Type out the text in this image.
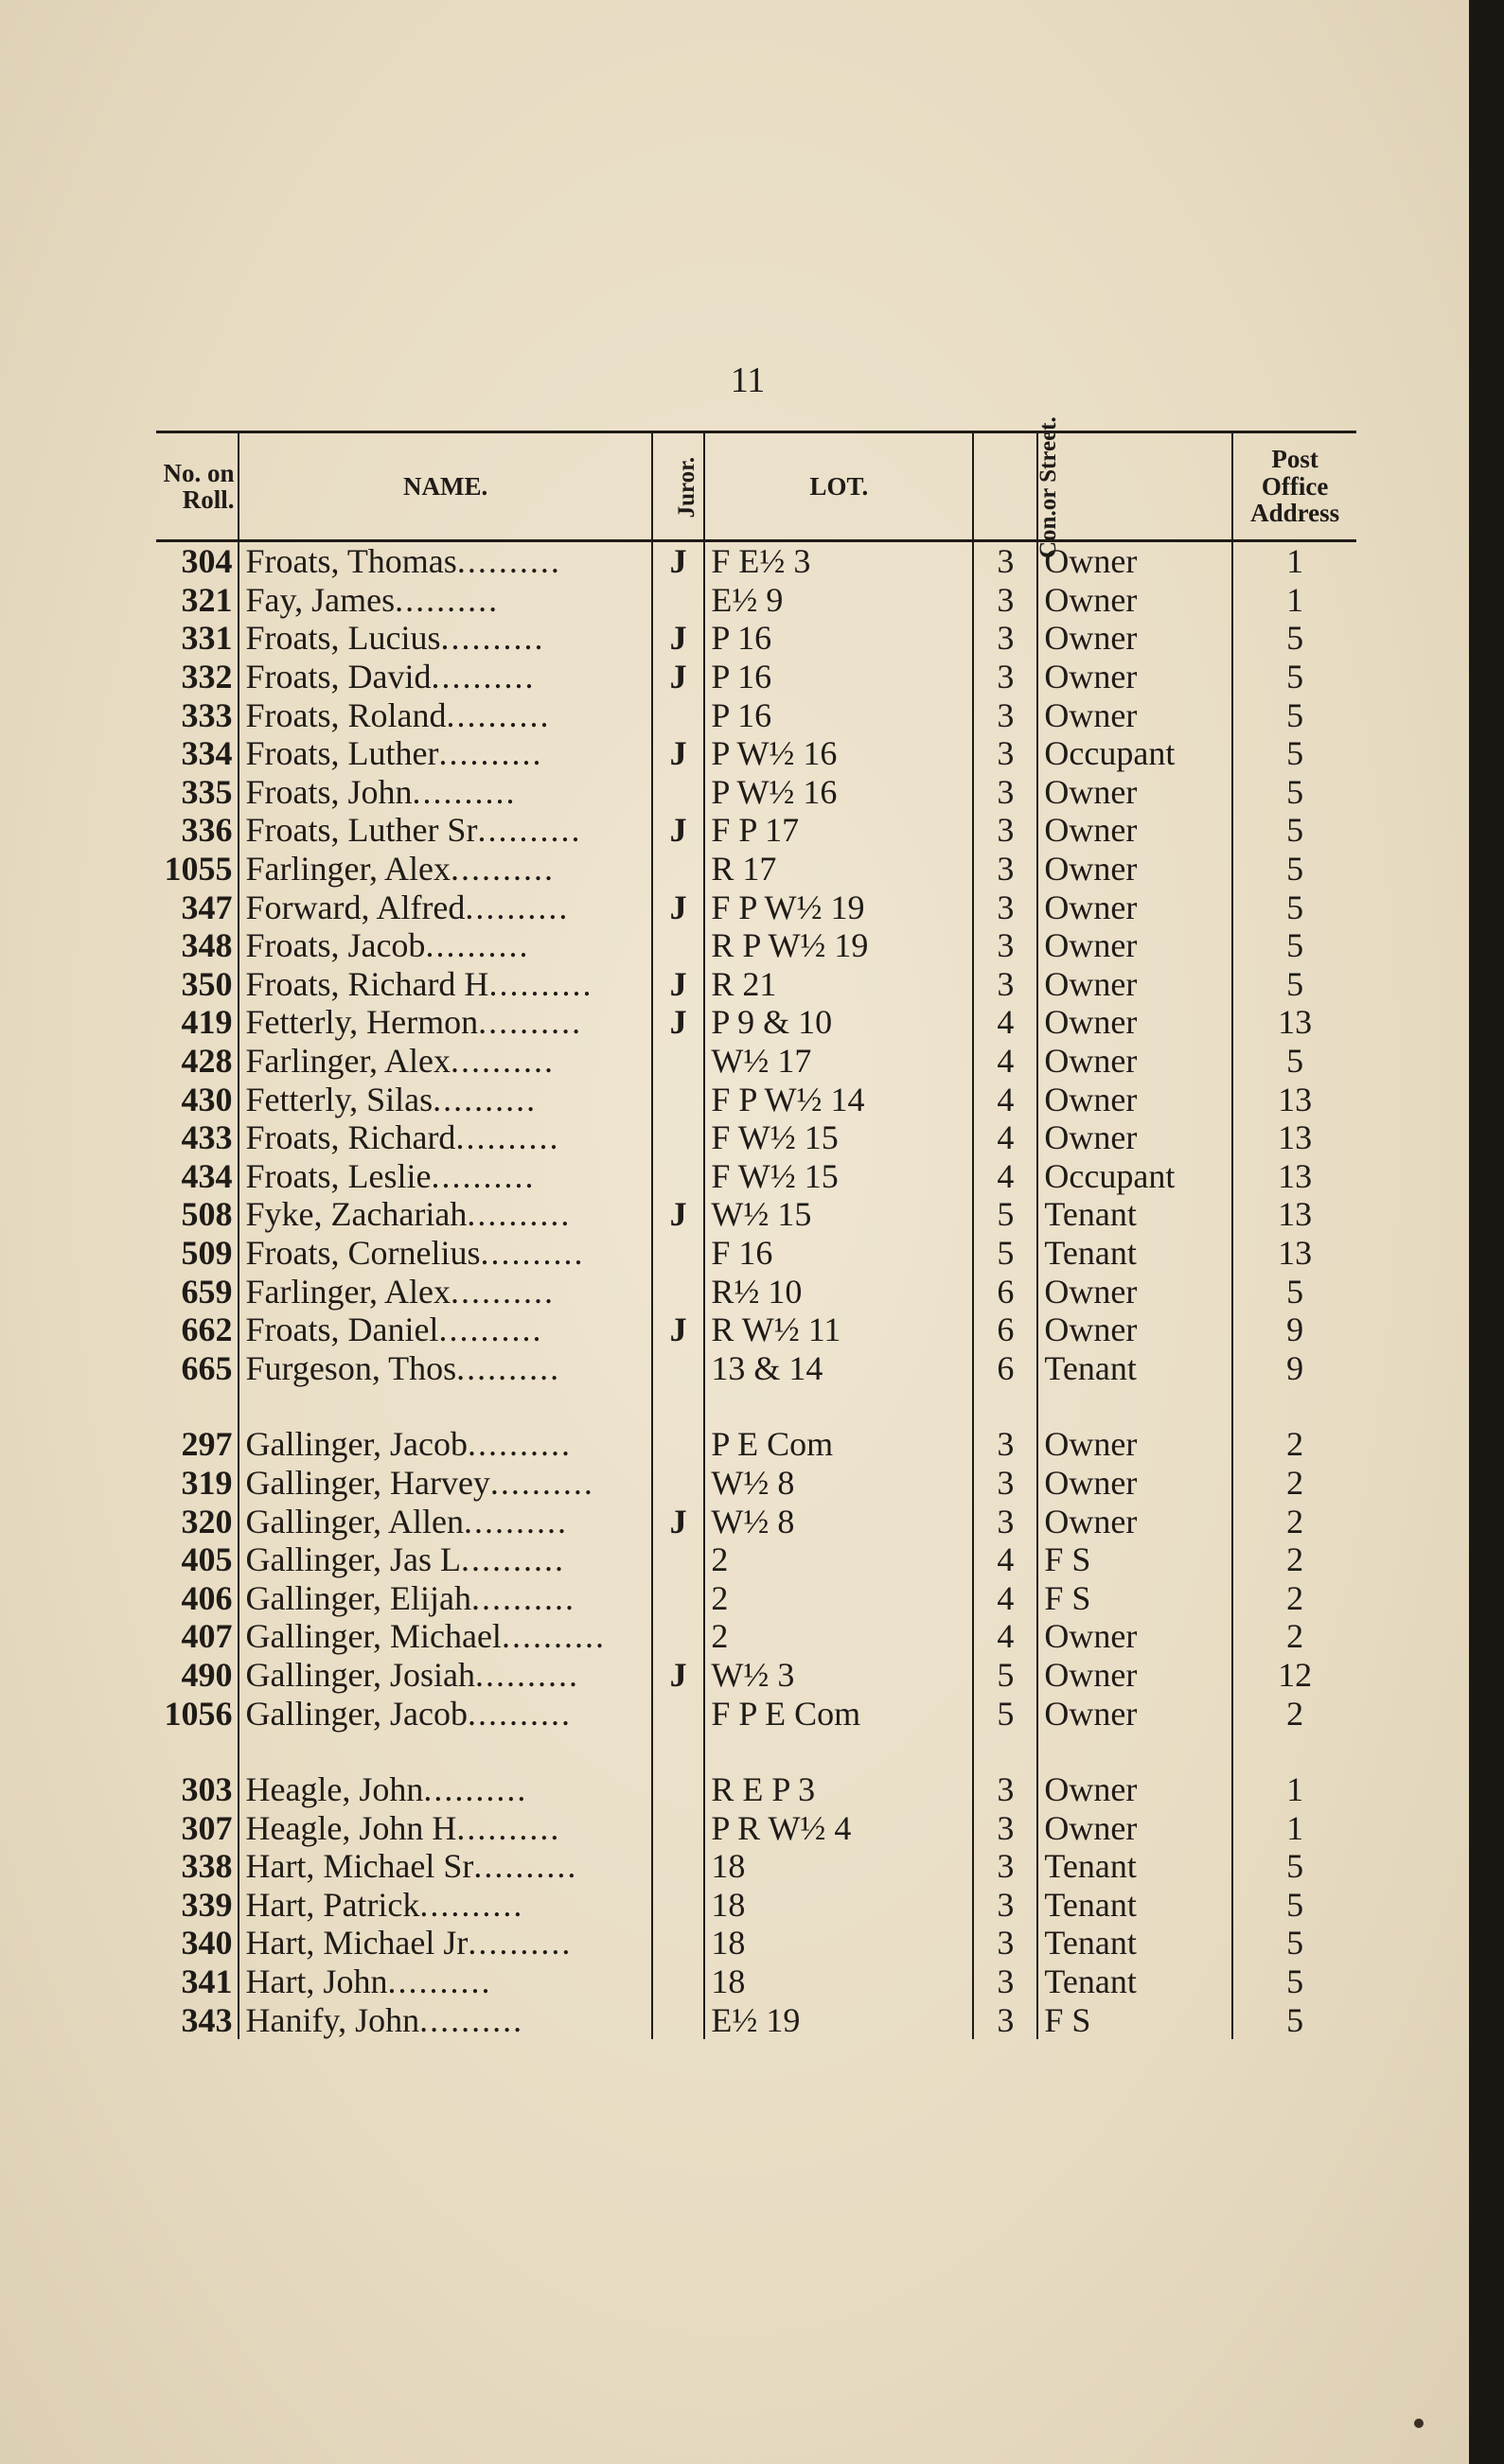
11
No. on Roll.	NAME.	Juror.	LOT.	Con.or Street.		Post Office Address
304	Froats, Thomas..........	J	F E½ 3	3	Owner	1
321	Fay, James..........		E½ 9	3	Owner	1
331	Froats, Lucius..........	J	P 16	3	Owner	5
332	Froats, David..........	J	P 16	3	Owner	5
333	Froats, Roland..........		P 16	3	Owner	5
334	Froats, Luther..........	J	P W½ 16	3	Occupant	5
335	Froats, John..........		P W½ 16	3	Owner	5
336	Froats, Luther Sr..........	J	F P 17	3	Owner	5
1055	Farlinger, Alex..........		R 17	3	Owner	5
347	Forward, Alfred..........	J	F P W½ 19	3	Owner	5
348	Froats, Jacob..........		R P W½ 19	3	Owner	5
350	Froats, Richard H..........	J	R 21	3	Owner	5
419	Fetterly, Hermon..........	J	P 9 & 10	4	Owner	13
428	Farlinger, Alex..........		W½ 17	4	Owner	5
430	Fetterly, Silas..........		F P W½ 14	4	Owner	13
433	Froats, Richard..........		F W½ 15	4	Owner	13
434	Froats, Leslie..........		F W½ 15	4	Occupant	13
508	Fyke, Zachariah..........	J	W½ 15	5	Tenant	13
509	Froats, Cornelius..........		F 16	5	Tenant	13
659	Farlinger, Alex..........		R½ 10	6	Owner	5
662	Froats, Daniel..........	J	R W½ 11	6	Owner	9
665	Furgeson, Thos..........		13 & 14	6	Tenant	9

297	Gallinger, Jacob..........		P E Com	3	Owner	2
319	Gallinger, Harvey..........		W½ 8	3	Owner	2
320	Gallinger, Allen..........	J	W½ 8	3	Owner	2
405	Gallinger, Jas L..........		2	4	F S	2
406	Gallinger, Elijah..........		2	4	F S	2
407	Gallinger, Michael..........		2	4	Owner	2
490	Gallinger, Josiah..........	J	W½ 3	5	Owner	12
1056	Gallinger, Jacob..........		F P E Com	5	Owner	2

303	Heagle, John..........		R E P 3	3	Owner	1
307	Heagle, John H..........		P R W½ 4	3	Owner	1
338	Hart, Michael Sr..........		18	3	Tenant	5
339	Hart, Patrick..........		18	3	Tenant	5
340	Hart, Michael Jr..........		18	3	Tenant	5
341	Hart, John..........		18	3	Tenant	5
343	Hanify, John..........		E½ 19	3	F S	5
